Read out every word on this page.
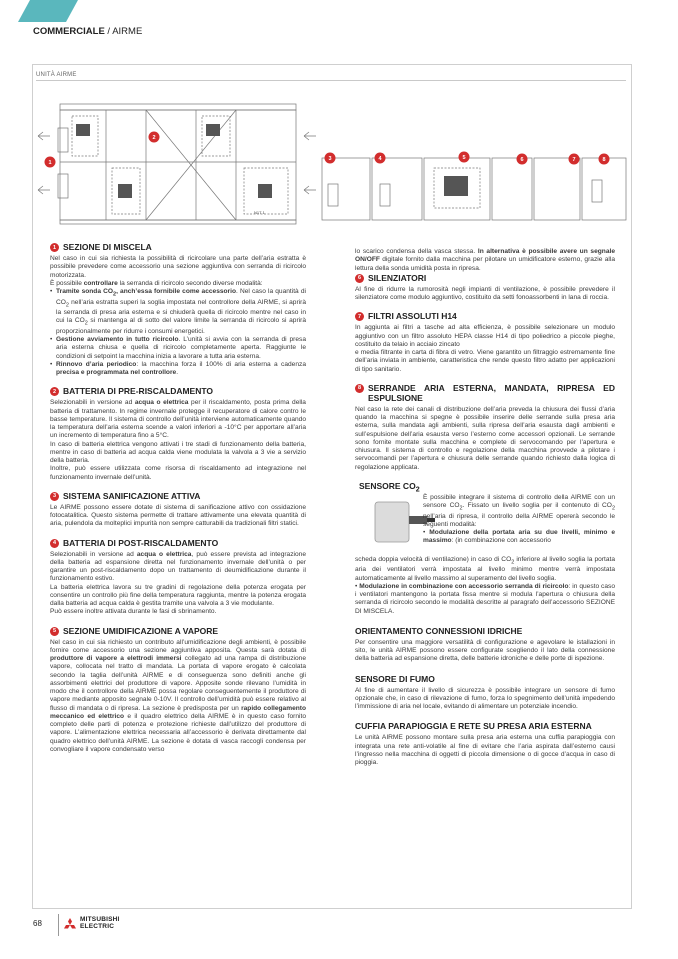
COMMERCIALE / AIRME
UNITÀ AIRME
N1T 1
1
2
3	4	5	6	7	8
1 SEZIONE DI MISCELA
Nel caso in cui sia richiesta la possibilità di ricircolare una parte dell’aria estratta è possibile prevedere come accessorio una sezione aggiuntiva con serranda di ricircolo motorizzata.
È possibile controllare la serranda di ricircolo secondo diverse modalità:
• Tramite sonda $CO_2$, anch’essa fornibile come accessorio. Nel caso la quantità di $CO_2$ nell’aria estratta superi la soglia impostata nel controllore della AIRME, si aprirà la serranda di presa aria esterna e si chiuderà quella di ricircolo mentre nel caso in cui la $CO_2$ si mantenga al di sotto del valore limite la serranda di ricircolo si aprirà proporzionalmente per ridurre i consumi energetici.
• Gestione avviamento in tutto ricircolo. L’unità si avvia con la serranda di presa aria esterna chiusa e quella di ricircolo completamente aperta. Raggiunte le condizioni di setpoint la macchina inizia a lavorare a tutta aria esterna.
• Rinnovo d’aria periodico: la macchina forza il 100% di aria esterna a cadenza precisa e programmata nel controllore.
2 BATTERIA DI PRE-RISCALDAMENTO
Selezionabili in versione ad acqua o elettrica per il riscaldamento, posta prima della batteria di trattamento. In regime invernale protegge il recuperatore di calore contro le basse temperature. Il sistema di controllo dell’unità interviene automaticamente quando la temperatura dell’aria esterna scende a valori inferiori a -10°C per apportare all’aria un incremento di temperatura fino a 5°C.
In caso di batteria elettrica vengono attivati i tre stadi di funzionamento della batteria, mentre in caso di batteria ad acqua calda viene modulata la valvola a 3 vie a servizio della batteria.
Inoltre, può essere utilizzata come risorsa di riscaldamento ad integrazione nel funzionamento invernale dell’unità.
3 SISTEMA SANIFICAZIONE ATTIVA
Le AIRME possono essere dotate di sistema di sanificazione attivo con ossidazione fotocatalitica. Questo sistema permette di trattare attivamente una elevata quantità di aria, pulendola da molteplici impurità non sempre catturabili da tradizionali filtri statici.
4 BATTERIA DI POST-RISCALDAMENTO
Selezionabili in versione ad acqua o elettrica, può essere prevista ad integrazione della batteria ad espansione diretta nel funzionamento invernale dell’unità o per garantire un post-riscaldamento dopo un trattamento di deumidificazione durante il funzionamento estivo.
La batteria elettrica lavora su tre gradini di regolazione della potenza erogata per consentire un controllo più fine della temperatura raggiunta, mentre la potenza erogata dalla batteria ad acqua calda è gestita tramite una valvola a 3 vie modulante.
Può essere inoltre attivata durante le fasi di sbrinamento.
5 SEZIONE UMIDIFICAZIONE A VAPORE
Nel caso in cui sia richiesto un contributo all’umidificazione degli ambienti, è possibile fornire come accessorio una sezione aggiuntiva apposita. Questa sarà dotata di produttore di vapore a elettrodi immersi collegato ad una rampa di distribuzione vapore, collocata nel tratto di mandata. La portata di vapore erogato è calcolata secondo la taglia dell’unità AIRME e di conseguenza sono definiti anche gli assorbimenti elettrici del produttore di vapore. Apposite sonde rilevano l’umidità in modo che il controllore della AIRME possa regolare conseguentemente il produttore di vapore mediante apposito segnale 0-10V. Il controllo dell’umidità può essere relativo al flusso di mandata o di ripresa. La sezione è predisposta per un rapido collegamento meccanico ed elettrico e il quadro elettrico della AIRME è in questo caso fornito completo delle parti di potenza e protezione richieste dall’utilizzo del produttore di vapore. L’alimentazione elettrica necessaria all’accessorio è derivata direttamente dal quadro elettrico dell’unità AIRME. La sezione è dotata di vasca raccogli condensa per convogliare il vapore condensato verso

lo scarico condensa della vasca stessa. In alternativa è possibile avere un segnale ON/OFF digitale fornito dalla macchina per pilotare un umidificatore esterno, grazie alla lettura della sonda umidità posta in ripresa.

6 SILENZIATORI
Al fine di ridurre la rumorosità negli impianti di ventilazione, è possibile prevedere il silenziatore come modulo aggiuntivo, costituito da setti fonoassorbenti in lana di roccia.
7 FILTRI ASSOLUTI H14
In aggiunta ai filtri a tasche ad alta efficienza, è possibile selezionare un modulo aggiuntivo con un filtro assoluto HEPA classe H14 di tipo poliedrico a piccole pieghe, costituito da telaio in acciaio zincato
e media filtrante in carta di fibra di vetro. Viene garantito un filtraggio estremamente fine dell’aria inviata in ambiente, caratteristica che rende questo filtro adatto per applicazioni di tipo sanitario.
8 SERRANDE ARIA ESTERNA, MANDATA, RIPRESA ED ESPULSIONE
Nel caso la rete dei canali di distribuzione dell’aria preveda la chiusura dei flussi d’aria quando la macchina si spegne è possibile inserire delle serrande sulla presa aria esterna, sulla mandata agli ambienti, sulla ripresa dell’aria esausta dagli ambienti e sull’espulsione dell’aria esausta verso l’esterno come accessori opzionali. Le serrande sono fornite montate sulla macchina e complete di servocomando per l’apertura e chiusura. Il sistema di controllo e regolazione della macchina provvede a pilotare i servocomandi per l’apertura e chiusura delle serrande quando richiesto dalla logica di regolazione applicata.
SENSORE $CO_2$
È possibile integrare il sistema di controllo della AIRME con un sensore $CO_2$. Fissato un livello soglia per il contenuto di $CO_2$ nell’aria di ripresa, il controllo della AIRME opererà secondo le seguenti modalità:
• Modulazione della portata aria su due livelli, minimo e massimo: (in combinazione con accessorio

scheda doppia velocità di ventilazione) in caso di $CO_2$ inferiore al livello soglia la portata aria dei ventilatori verrà impostata al livello minimo mentre verrà impostata automaticamente al livello massimo al superamento del livello soglia.
• Modulazione in combinazione con accessorio serranda di ricircolo: in questo caso i ventilatori mantengono la portata fissa mentre si modula l’apertura o chiusura della serranda di ricircolo secondo le modalità descritte al paragrafo dell’accessorio SEZIONE DI MISCELA.

ORIENTAMENTO CONNESSIONI IDRICHE
Per consentire una maggiore versatilità di configurazione e agevolare le istallazioni in sito, le unità AIRME possono essere configurate scegliendo il lato della connessione della batteria ad espansione diretta, delle batterie idroniche e delle porte di ispezione.
SENSORE DI FUMO
Al fine di aumentare il livello di sicurezza è possibile integrare un sensore di fumo opzionale che, in caso di rilevazione di fumo, forza lo spegnimento dell’unità impedendo l’immissione di aria nel locale, evitando di alimentare un potenziale incendio.
CUFFIA PARAPIOGGIA E RETE SU PRESA ARIA ESTERNA
Le unità AIRME possono montare sulla presa aria esterna una cuffia parapioggia con integrata una rete anti-volatile al fine di evitare che l’aria aspirata dall’esterno causi l’ingresso nella macchina di oggetti di piccola dimensione o di gocce d’acqua in caso di pioggia.
68	MITSUBISHI
ELECTRIC
